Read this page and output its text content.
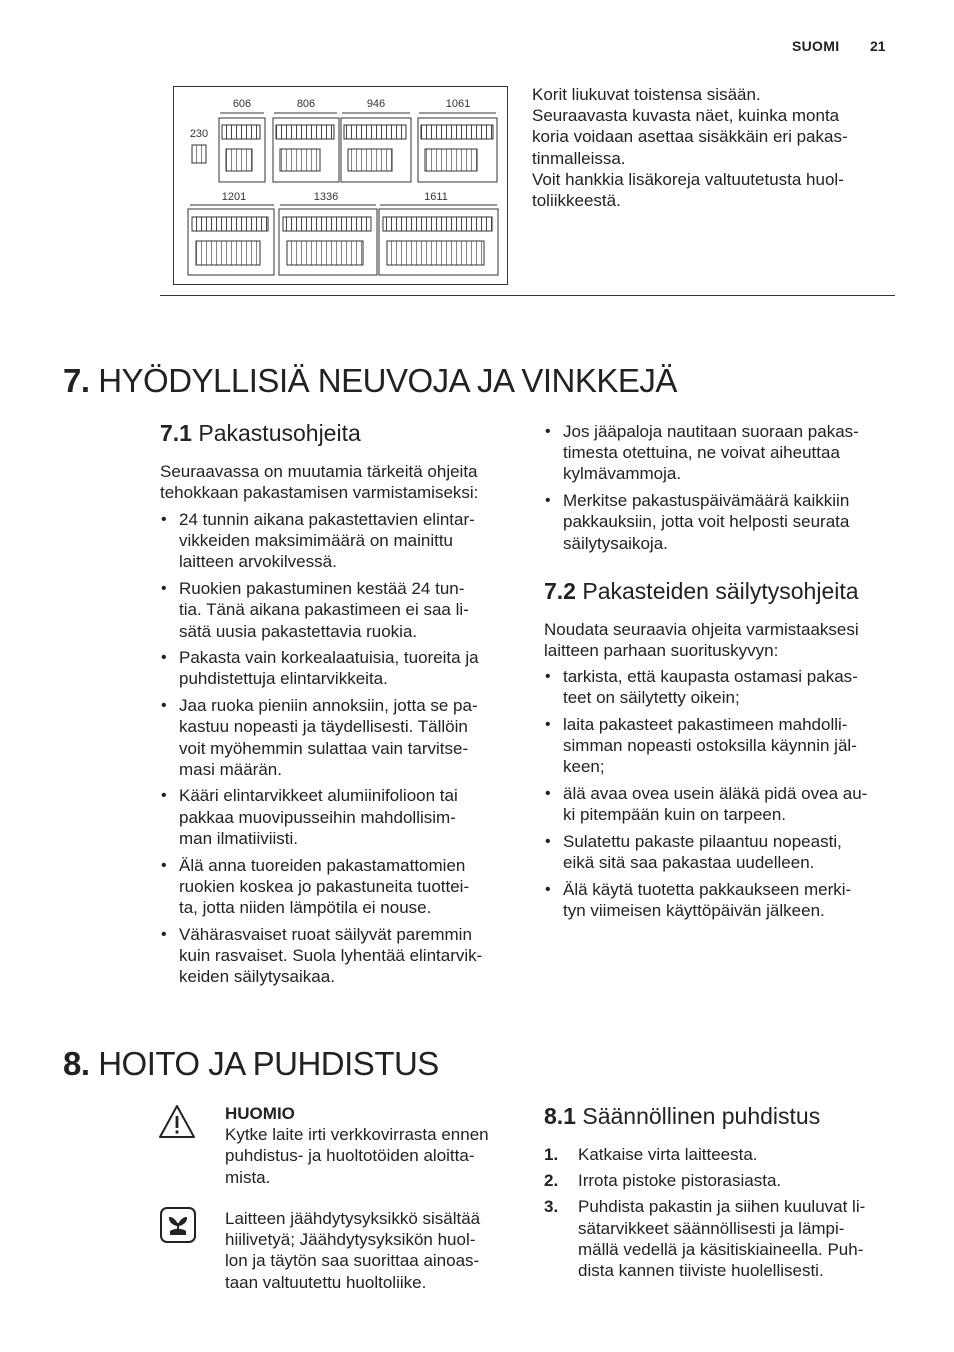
SUOMI 21
606	806	946	1061
230
1201	1336	1611
Korit liukuvat toistensa sisään.
Seuraavasta kuvasta näet, kuinka monta
koria voidaan asettaa sisäkkäin eri pakas-
tinmalleissa.
Voit hankkia lisäkoreja valtuutetusta huol-
toliikkeestä.
7. HYÖDYLLISIÄ NEUVOJA JA VINKKEJÄ
7.1 Pakastusohjeita
Seuraavassa on muutamia tärkeitä ohjeita
tehokkaan pakastamisen varmistamiseksi:
• 24 tunnin aikana pakastettavien elintar-
vikkeiden maksimimäärä on mainittu
laitteen arvokilvessä.
• Ruokien pakastuminen kestää 24 tun-
tia. Tänä aikana pakastimeen ei saa li-
sätä uusia pakastettavia ruokia.
• Pakasta vain korkealaatuisia, tuoreita ja
puhdistettuja elintarvikkeita.
• Jaa ruoka pieniin annoksiin, jotta se pa-
kastuu nopeasti ja täydellisesti. Tällöin
voit myöhemmin sulattaa vain tarvitse-
masi määrän.
• Kääri elintarvikkeet alumiinifolioon tai
pakkaa muovipusseihin mahdollisim-
man ilmatiiviisti.
• Älä anna tuoreiden pakastamattomien
ruokien koskea jo pakastuneita tuottei-
ta, jotta niiden lämpötila ei nouse.
• Vähärasvaiset ruoat säilyvät paremmin
kuin rasvaiset. Suola lyhentää elintarvik-
keiden säilytysaikaa.
• Jos jääpaloja nautitaan suoraan pakas-
timesta otettuina, ne voivat aiheuttaa
kylmävammoja.
• Merkitse pakastuspäivämäärä kaikkiin
pakkauksiin, jotta voit helposti seurata
säilytysaikoja.
7.2 Pakasteiden säilytysohjeita
Noudata seuraavia ohjeita varmistaaksesi
laitteen parhaan suorituskyvyn:
• tarkista, että kaupasta ostamasi pakas-
teet on säilytetty oikein;
• laita pakasteet pakastimeen mahdolli-
simman nopeasti ostoksilla käynnin jäl-
keen;
• älä avaa ovea usein äläkä pidä ovea au-
ki pitempään kuin on tarpeen.
• Sulatettu pakaste pilaantuu nopeasti,
eikä sitä saa pakastaa uudelleen.
• Älä käytä tuotetta pakkaukseen merki-
tyn viimeisen käyttöpäivän jälkeen.
8. HOITO JA PUHDISTUS
HUOMIO
Kytke laite irti verkkovirrasta ennen
puhdistus- ja huoltotöiden aloitta-
mista.
Laitteen jäähdytysyksikkö sisältää
hiilivetyä; Jäähdytysyksikön huol-
lon ja täytön saa suorittaa ainoas-
taan valtuutettu huoltoliike.
8.1 Säännöllinen puhdistus
1. Katkaise virta laitteesta.
2. Irrota pistoke pistorasiasta.
3. Puhdista pakastin ja siihen kuuluvat li-
sätarvikkeet säännöllisesti ja lämpi-
mällä vedellä ja käsitiskiaineella. Puh-
dista kannen tiiviste huolellisesti.
